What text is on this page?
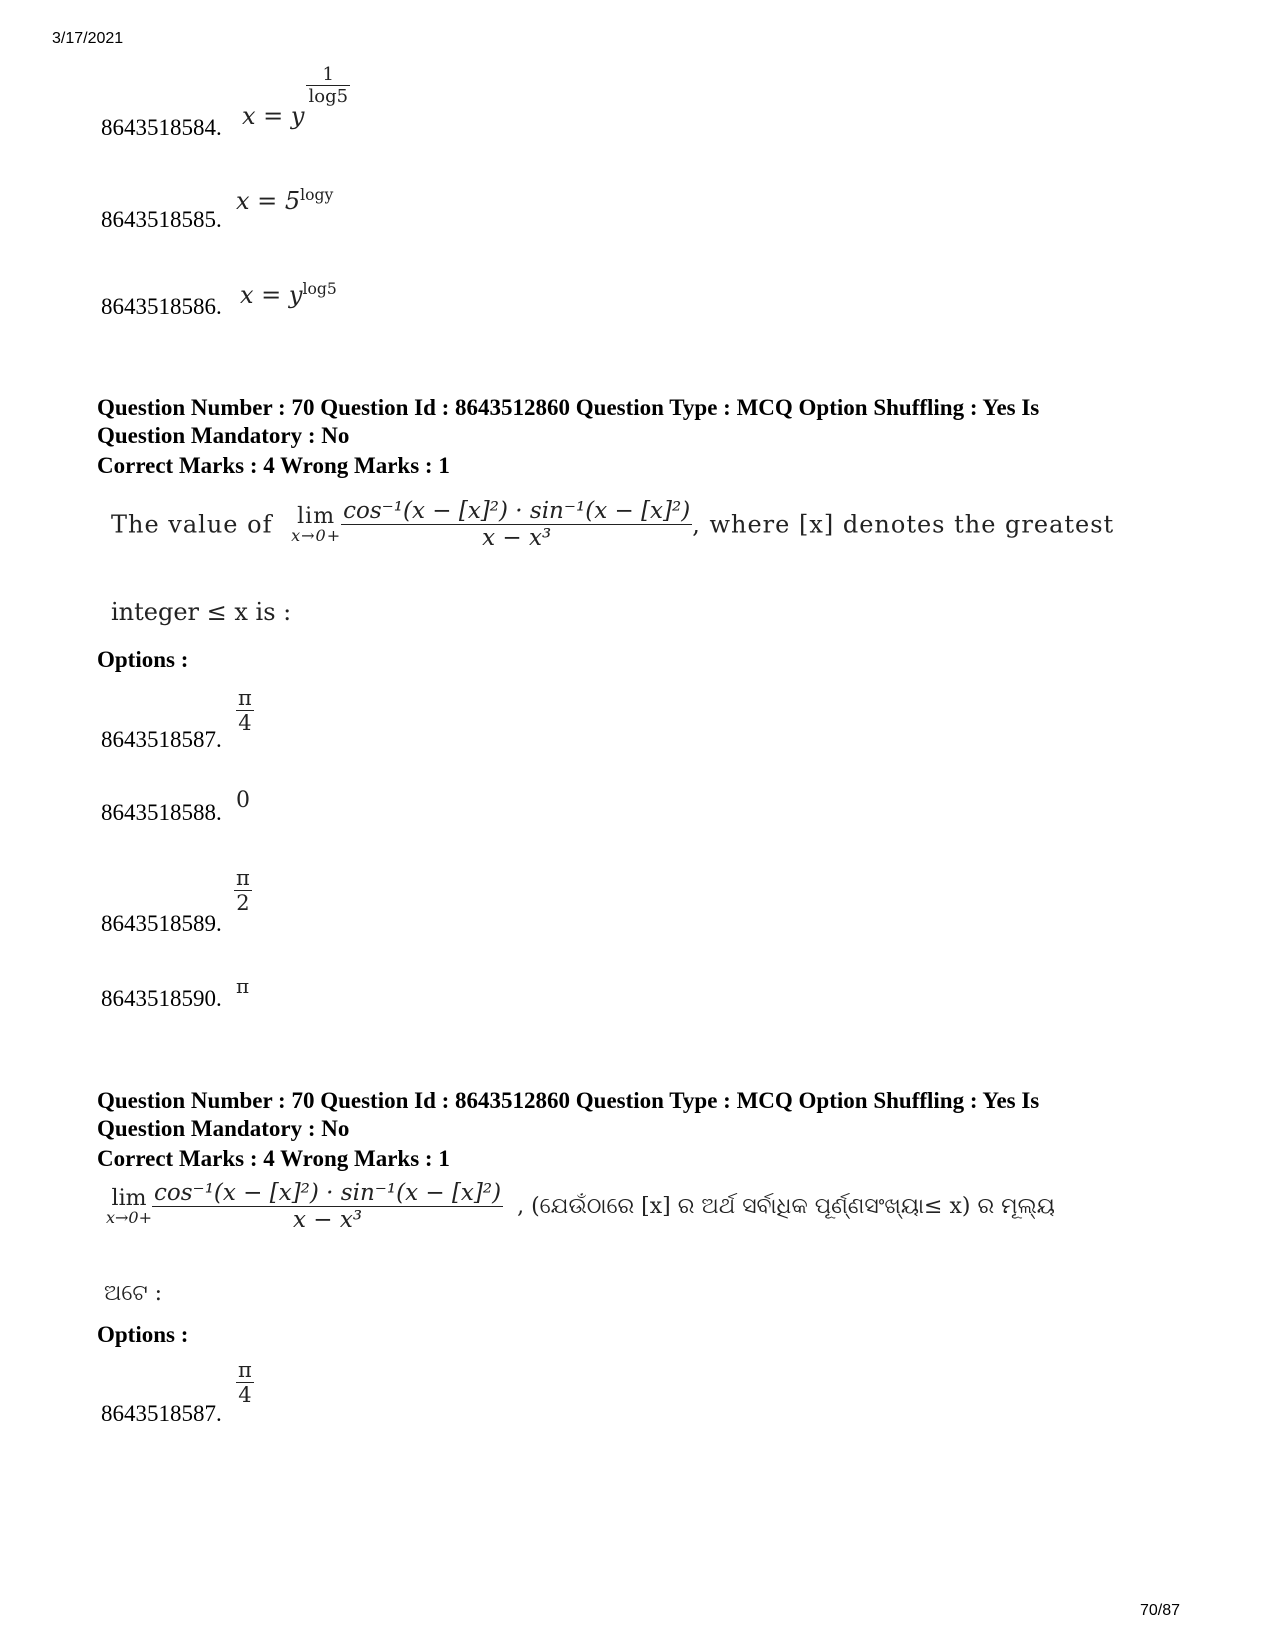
3/17/2021
8643518584. x = y
$\frac{1}{\log 5}$
8643518585.
$x = 5^{logy}$
8643518586. $x = y^{log5}$
Question Number : 70 Question Id : 8643512860 Question Type : MCQ Option Shuffling : Yes Is
Question Mandatory : No
Correct Marks : 4 Wrong Marks : 1
The value of lim
$x\to 0+ \frac{\text{cos⁻¹(x − [x]²) · sin⁻¹(x − [x]²)}}{\text{x − x³}}$ , where [x] denotes the greatest
integer ≤ x is :
Options :
8643518587.
π
4
8643518588. 0
8643518589.
π
2
8643518590. π
Question Number : 70 Question Id : 8643512860 Question Type : MCQ Option Shuffling : Yes Is
Question Mandatory : No
Correct Marks : 4 Wrong Marks : 1
lim
$x\to 0+ \frac{\text{cos⁻¹(x − [x]²) · sin⁻¹(x − [x]²)}}{\text{x − x³}}$ , (ଯେଉଁଠାରେ [x] ର ଅର୍ଥ ସର୍ବାଧିକ ପୂର୍ଣ୍ଣସଂଖ୍ୟା≤ x) ର ମୂଲ୍ୟ
ଅଟେ :
Options :
8643518587.
π
4
70/87
